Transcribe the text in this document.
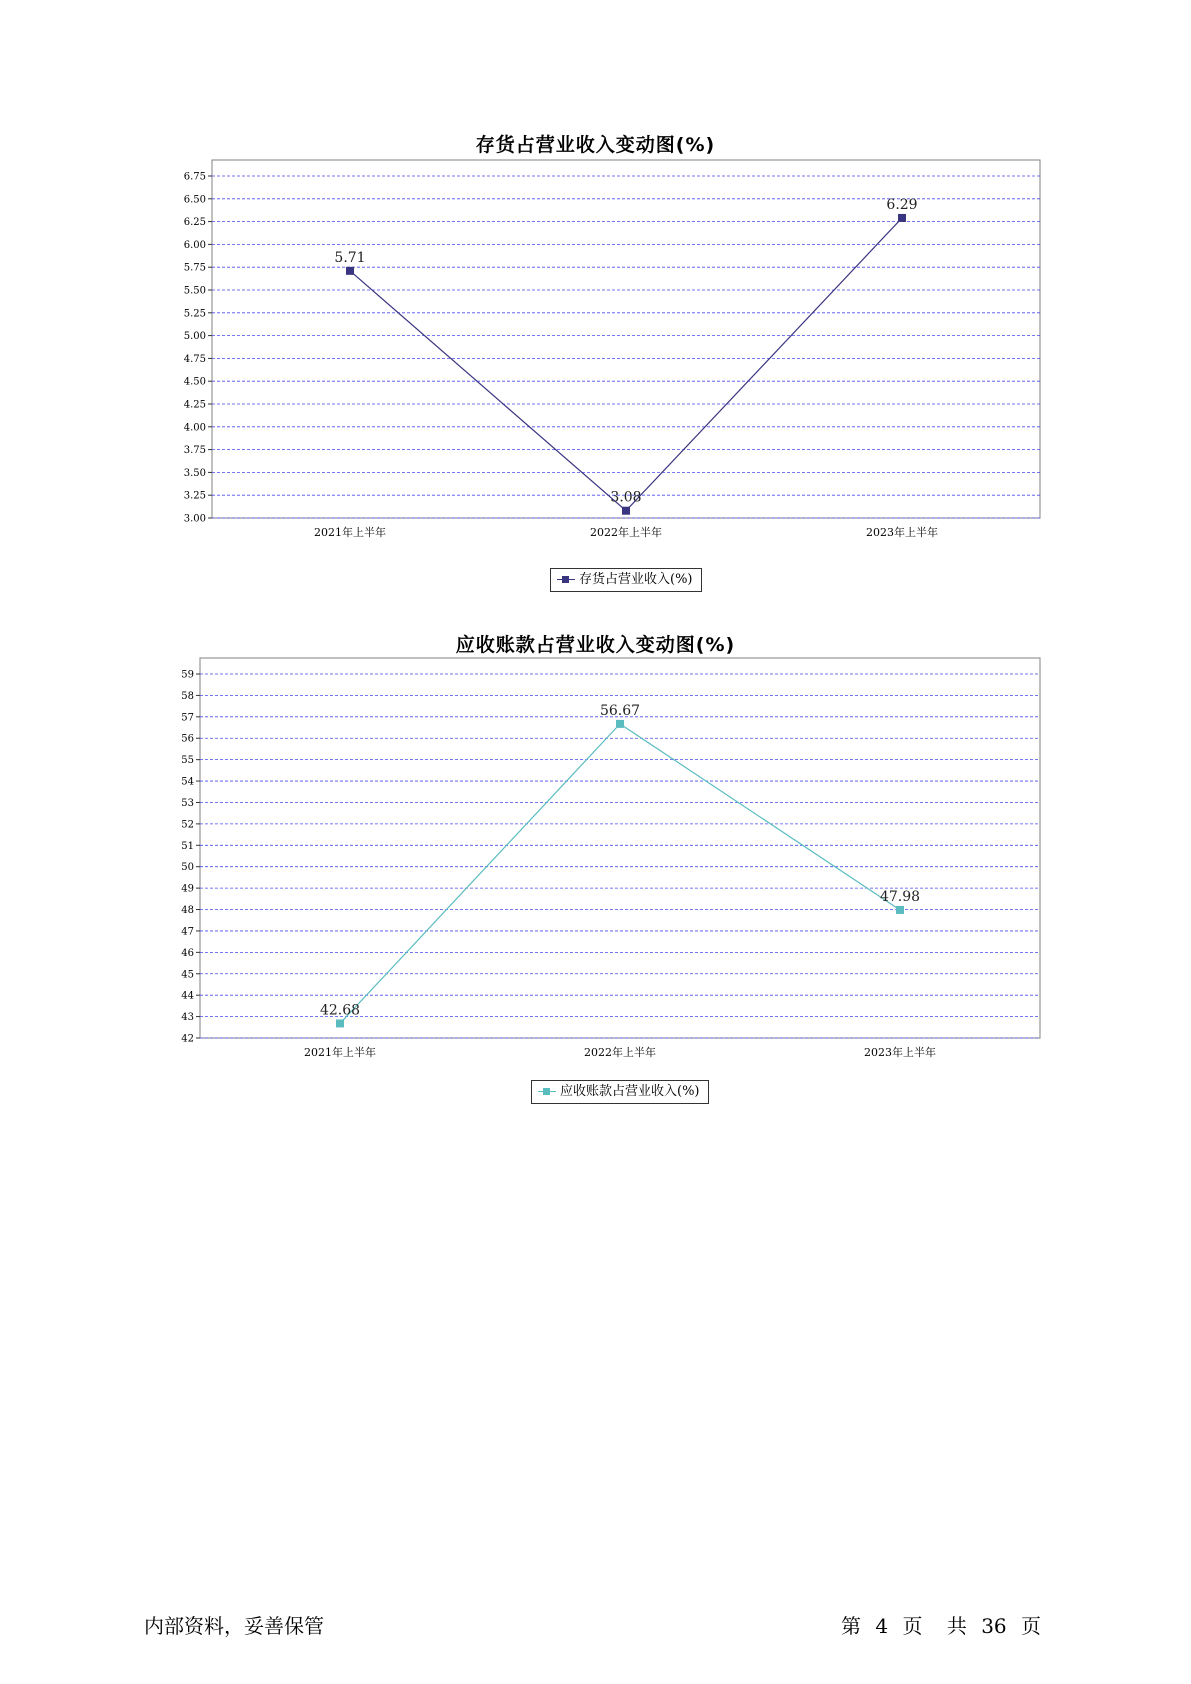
存货占营业收入变动图(%)
3.00
3.25
3.50
3.75
4.00
4.25
4.50
4.75
5.00
5.25
5.50
5.75
6.00
6.25
6.50
6.75
2021年上半年	2022年上半年	2023年上半年
5.71
3.08
6.29
存货占营业收入(%)
应收账款占营业收入变动图(%)
42
43
44
45
46
47
48
49
50
51
52
53
54
55
56
57
58
59
2021年上半年	2022年上半年	2023年上半年
42.68
56.67
47.98
应收账款占营业收入(%)
内部资料，妥善保管	第 4 页 共 36 页
